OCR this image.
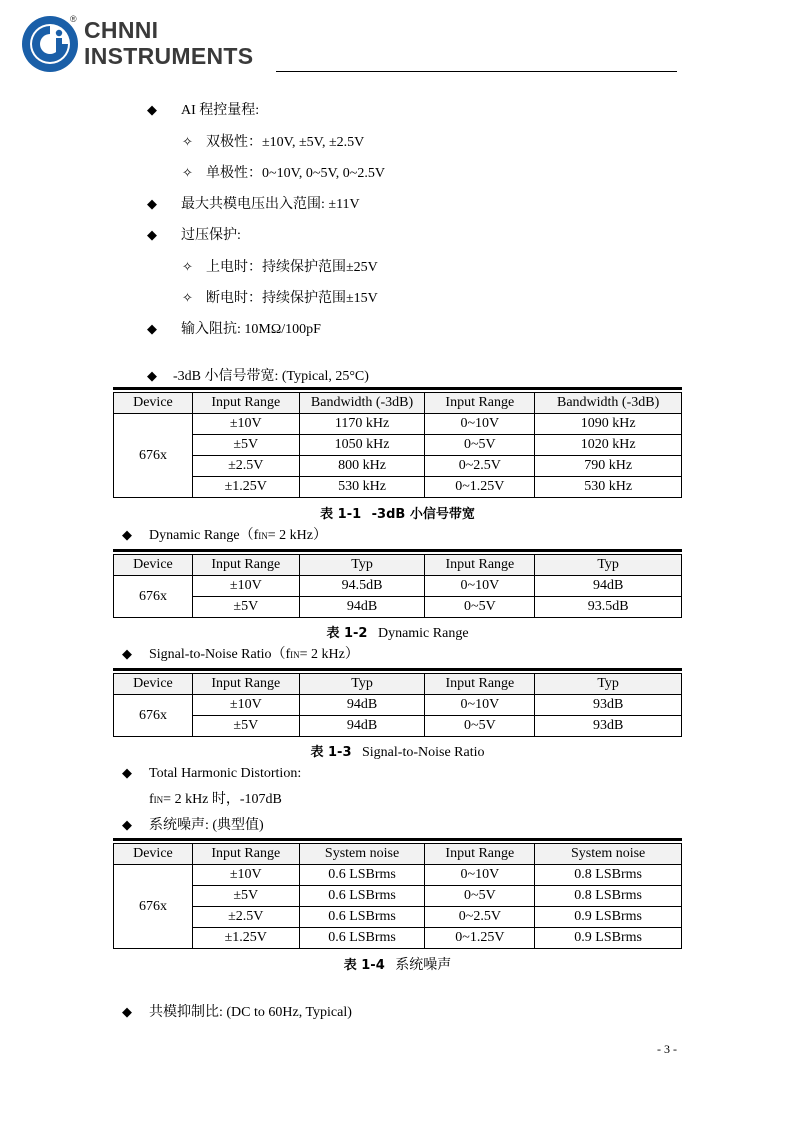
® CHNNI
INSTRUMENTS
◆ AI 程控量程:
✧ 双极性：±10V, ±5V, ±2.5V
✧ 单极性：0~10V, 0~5V, 0~2.5V
◆ 最大共模电压出入范围: ±11V
◆ 过压保护:
✧ 上电时：持续保护范围±25V
✧ 断电时：持续保护范围±15V
◆ 输入阻抗: 10MΩ/100pF
◆ -3dB 小信号带宽: (Typical, 25°C)
Device	Input Range	Bandwidth (-3dB)	Input Range	Bandwidth (-3dB)
676x	±10V	1170 kHz	0~10V	1090 kHz
	±5V	1050 kHz	0~5V	1020 kHz
	±2.5V	800 kHz	0~2.5V	790 kHz
	±1.25V	530 kHz	0~1.25V	530 kHz
表 1-1 -3dB 小信号带宽
◆ Dynamic Range（fIN= 2 kHz）
Device	Input Range	Typ	Input Range	Typ
676x	±10V	94.5dB	0~10V	94dB
	±5V	94dB	0~5V	93.5dB
表 1-2 Dynamic Range
◆ Signal-to-Noise Ratio（fIN= 2 kHz）
Device	Input Range	Typ	Input Range	Typ
676x	±10V	94dB	0~10V	93dB
	±5V	94dB	0~5V	93dB
表 1-3 Signal-to-Noise Ratio
◆ Total Harmonic Distortion:
fIN= 2 kHz 时，-107dB
◆ 系统噪声: (典型值)
Device	Input Range	System noise	Input Range	System noise
676x	±10V	0.6 LSBrms	0~10V	0.8 LSBrms
	±5V	0.6 LSBrms	0~5V	0.8 LSBrms
	±2.5V	0.6 LSBrms	0~2.5V	0.9 LSBrms
	±1.25V	0.6 LSBrms	0~1.25V	0.9 LSBrms
表 1-4 系统噪声
◆ 共模抑制比: (DC to 60Hz, Typical)
- 3 -
